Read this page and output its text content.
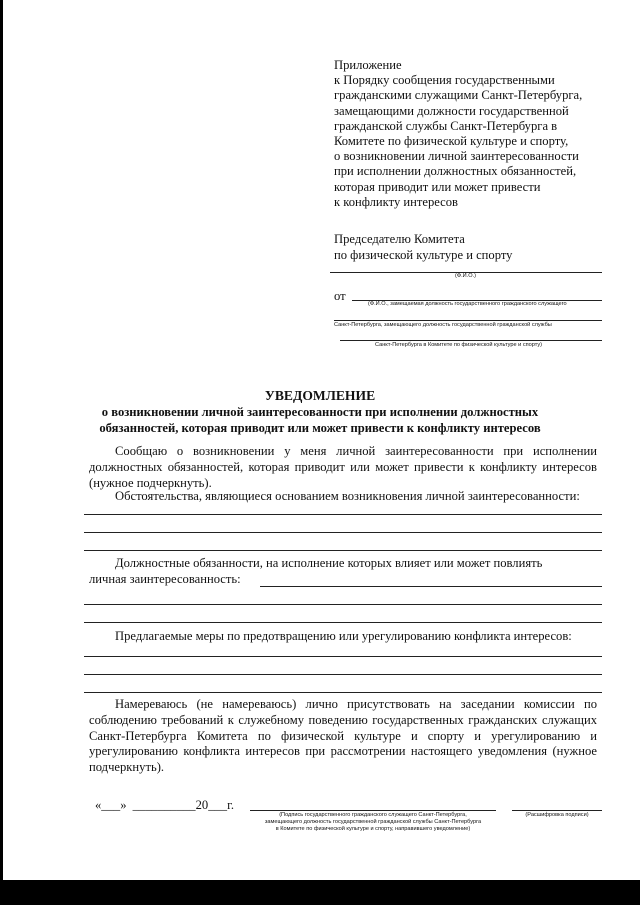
Приложение
к Порядку сообщения государственными
гражданскими служащими Санкт-Петербурга,
замещающими должности государственной
гражданской службы Санкт-Петербурга в
Комитете по физической культуре и спорту,
о возникновении личной заинтересованности
при исполнении должностных обязанностей,
которая приводит или может привести
к конфликту интересов
Председателю Комитета
по физической культуре и спорту
(Ф.И.О.)
от
(Ф.И.О., замещаемая должность государственного гражданского служащего
Санкт-Петербурга, замещающего должность государственной гражданской службы
Санкт-Петербурга в Комитете по физической культуре и спорту)
УВЕДОМЛЕНИЕ
о возникновении личной заинтересованности при исполнении должностных
обязанностей, которая приводит или может привести к конфликту интересов
Сообщаю о возникновении у меня личной заинтересованности при исполнении должностных обязанностей, которая приводит или может привести к конфликту интересов (нужное подчеркнуть).
Обстоятельства, являющиеся основанием возникновения личной заинтересованности:
Должностные обязанности, на исполнение которых влияет или может повлиять
личная заинтересованность:
Предлагаемые меры по предотвращению или урегулированию конфликта интересов:
Намереваюсь (не намереваюсь) лично присутствовать на заседании комиссии по соблюдению требований к служебному поведению государственных гражданских служащих Санкт-Петербурга Комитета по физической культуре и спорту и урегулированию и урегулированию конфликта интересов при рассмотрении настоящего уведомления (нужное подчеркнуть).
«___» __________20___г.
(Подпись государственного гражданского служащего Санкт-Петербурга,
замещающего должность государственной гражданской службы Санкт-Петербурга
в Комитете по физической культуре и спорту, направившего уведомление)
(Расшифровка подписи)
